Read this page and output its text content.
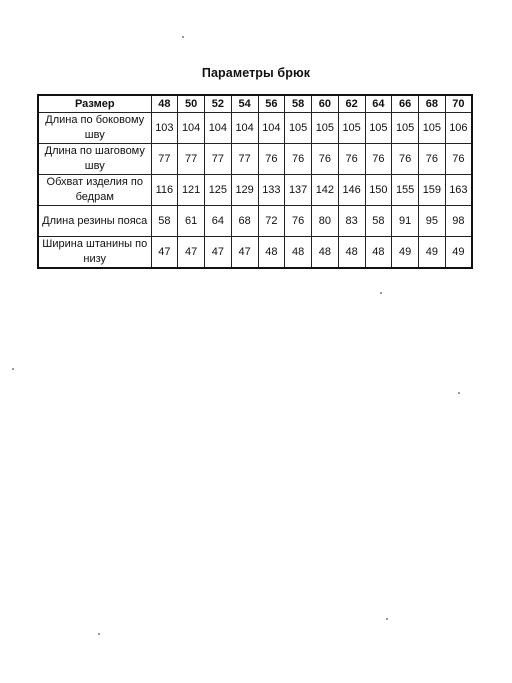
Параметры брюк
Размер	48	50	52	54	56	58	60	62	64	66	68	70
Длина по боковому шву	103	104	104	104	104	105	105	105	105	105	105	106
Длина по шаговому шву	77	77	77	77	76	76	76	76	76	76	76	76
Обхват изделия по бедрам	116	121	125	129	133	137	142	146	150	155	159	163
Длина резины пояса	58	61	64	68	72	76	80	83	58	91	95	98
Ширина штанины по низу	47	47	47	47	48	48	48	48	48	49	49	49
